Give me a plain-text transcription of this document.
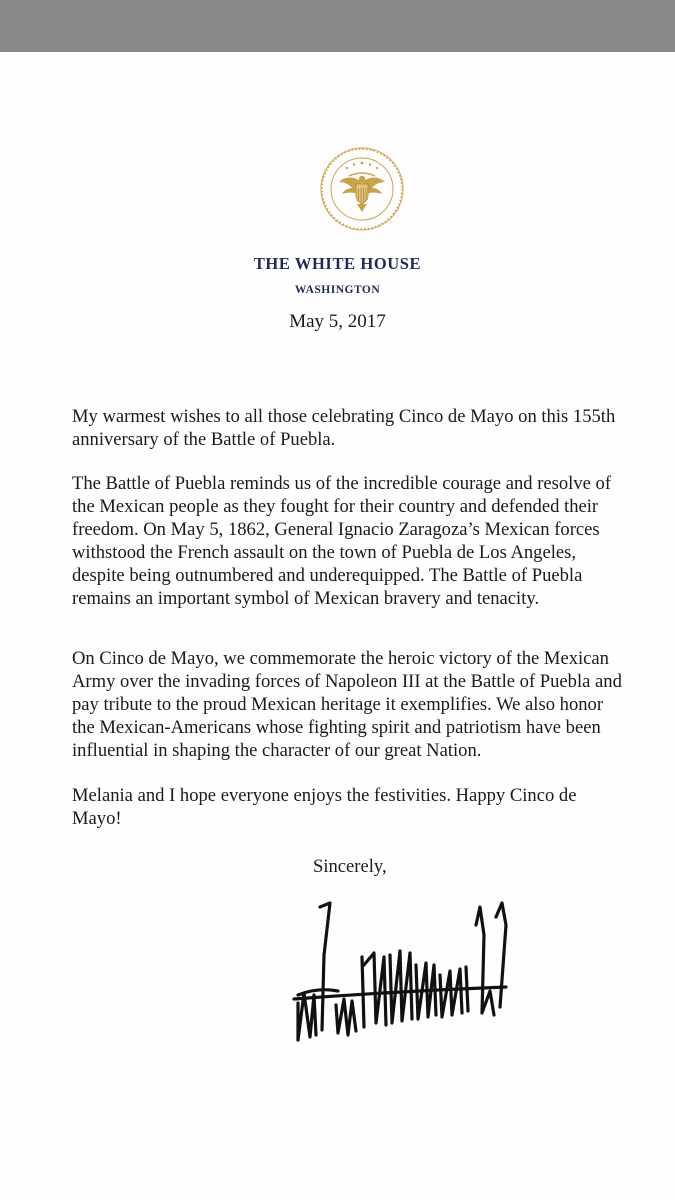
THE WHITE HOUSE
WASHINGTON
May 5, 2017
My warmest wishes to all those celebrating Cinco de Mayo on this 155th
anniversary of the Battle of Puebla.
The Battle of Puebla reminds us of the incredible courage and resolve of
the Mexican people as they fought for their country and defended their
freedom. On May 5, 1862, General Ignacio Zaragoza’s Mexican forces
withstood the French assault on the town of Puebla de Los Angeles,
despite being outnumbered and underequipped. The Battle of Puebla
remains an important symbol of Mexican bravery and tenacity.
On Cinco de Mayo, we commemorate the heroic victory of the Mexican
Army over the invading forces of Napoleon III at the Battle of Puebla and
pay tribute to the proud Mexican heritage it exemplifies. We also honor
the Mexican-Americans whose fighting spirit and patriotism have been
influential in shaping the character of our great Nation.
Melania and I hope everyone enjoys the festivities. Happy Cinco de
Mayo!
Sincerely,
